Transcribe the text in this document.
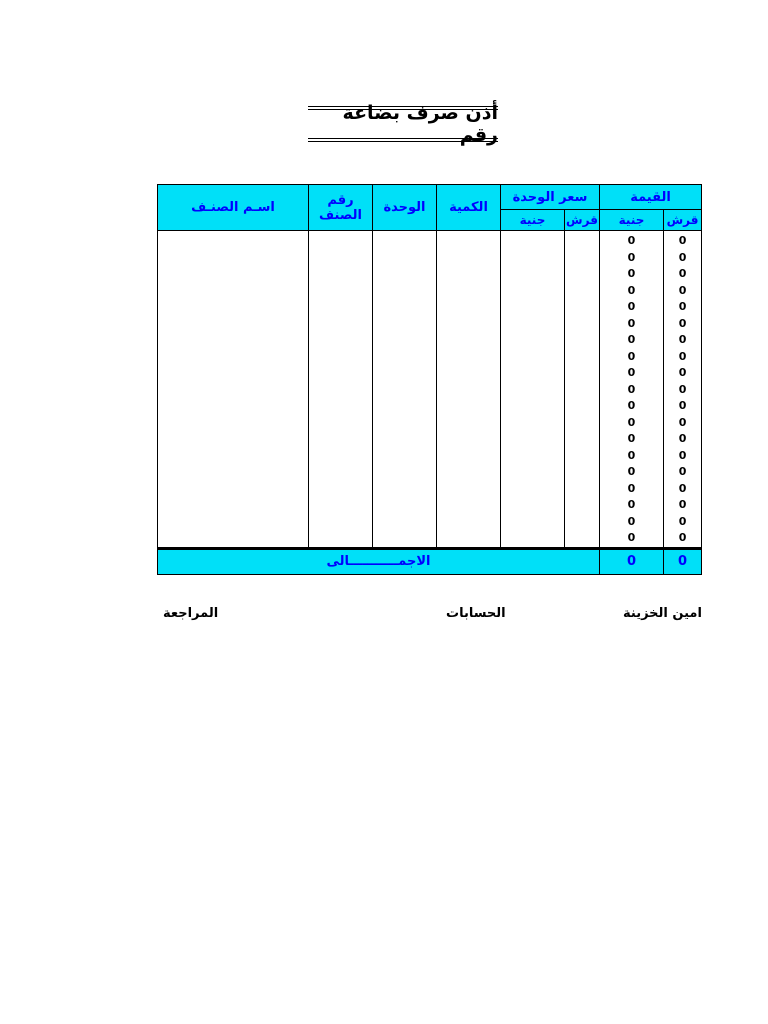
أذن صرف بضاعة رقم
القيمة		سعر الوحدة		الكمية	الوحدة	رقم الصنف	اسـم الصنـف
قرش	جنية	قرش	جنية				
0	0						
0	0						
0	0						
0	0						
0	0						
0	0						
0	0						
0	0						
0	0						
0	0						
0	0						
0	0						
0	0						
0	0						
0	0						
0	0						
0	0						
0	0						
0	0						
0	0	الاجمـــــــــــالى					
امين الخزينة
الحسابات
المراجعة
